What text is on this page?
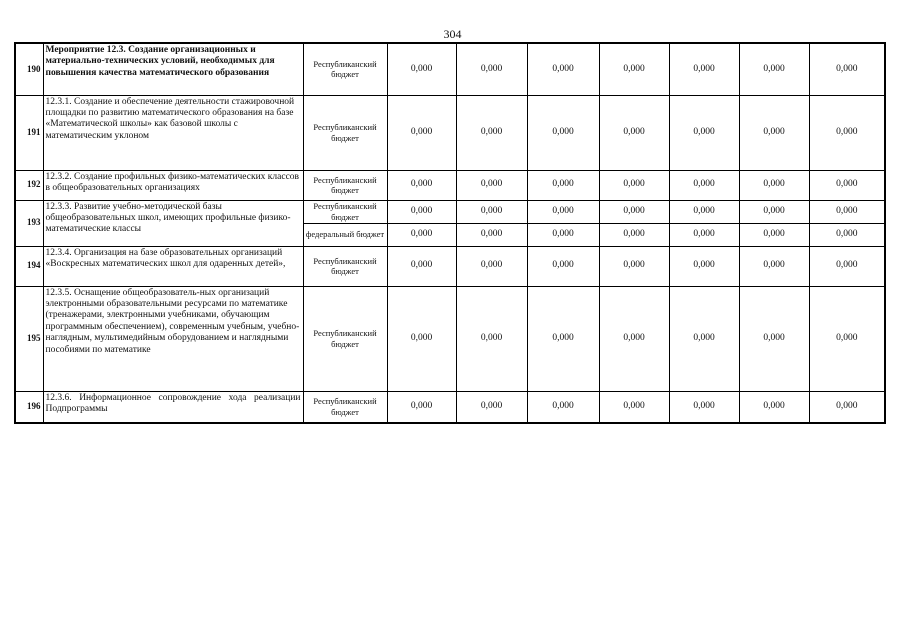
304
190	Мероприятие 12.3. Создание организационных и материально-технических условий, необходимых для повышения качества математического образования	Республиканский бюджет	0,000	0,000	0,000	0,000	0,000	0,000	0,000
191	12.3.1. Создание и обеспечение деятельности стажировочной площадки по развитию математического образования на базе «Математической школы» как базовой школы с математическим уклоном	Республиканский бюджет	0,000	0,000	0,000	0,000	0,000	0,000	0,000
192	12.3.2. Создание профильных физико-математических классов в общеобразовательных организациях	Республиканский бюджет	0,000	0,000	0,000	0,000	0,000	0,000	0,000
193	12.3.3. Развитие учебно-методической базы общеобразовательных школ, имеющих профильные физико-математические классы	Республиканский бюджет	0,000	0,000	0,000	0,000	0,000	0,000	0,000
		федеральный бюджет	0,000	0,000	0,000	0,000	0,000	0,000	0,000
194	12.3.4. Организация на базе образовательных организаций «Воскресных математических школ для одаренных детей»,	Республиканский бюджет	0,000	0,000	0,000	0,000	0,000	0,000	0,000
195	12.3.5. Оснащение общеобразователь-ных организаций электронными образовательными ресурсами по математике (тренажерами, электронными учебниками, обучающим программным обеспечением), современным учебным, учебно-наглядным, мультимедийным оборудованием и наглядными пособиями по математике	Республиканский бюджет	0,000	0,000	0,000	0,000	0,000	0,000	0,000
196	12.3.6. Информационное сопровождение хода реализации Подпрограммы	Республиканский бюджет	0,000	0,000	0,000	0,000	0,000	0,000	0,000
